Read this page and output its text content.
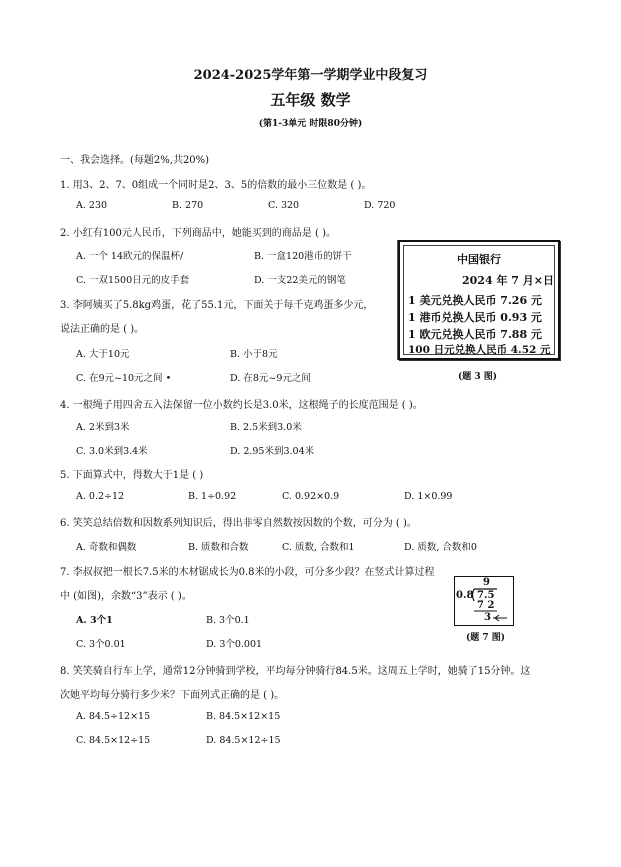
2024-2025学年第一学期学业中段复习
五年级 数学
(第1-3单元 时限80分钟)
一、我会选择。(每题2%,共20%)
1. 用3、2、7、0组成一个同时是2、3、5的倍数的最小三位数是 ( )。
A. 230	B. 270	C. 320	D. 720
2. 小红有100元人民币，下列商品中，她能买到的商品是 ( )。
A. 一个 14欧元的保温杯/	B. 一盒120港币的饼干
C. 一双1500日元的皮手套	D. 一支22美元的钢笔
3. 李阿姨买了5.8kg鸡蛋，花了55.1元，下面关于每千克鸡蛋多少元，
说法正确的是 ( )。
A. 大于10元	B. 小于8元
C. 在9元~10元之间 •	D. 在8元~9元之间
中国银行
2024 年 7 月×日
1 美元兑换人民币 7.26 元
1 港币兑换人民币 0.93 元
1 欧元兑换人民币 7.88 元
100 日元兑换人民币 4.52 元
(题 3 图)
4. 一根绳子用四舍五入法保留一位小数约长是3.0米，这根绳子的长度范围是 ( )。
A. 2米到3米	B. 2.5米到3.0米
C. 3.0米到3.4米	D. 2.95米到3.04米
5. 下面算式中，得数大于1是 ( )
A. 0.2÷12	B. 1÷0.92	C. 0.92×0.9	D. 1×0.99
6. 笑笑总结倍数和因数系列知识后，得出非零自然数按因数的个数，可分为 ( )。
A. 奇数和偶数	B. 质数和合数	C. 质数, 合数和1	D. 质数, 合数和0
7. 李叔叔把一根长7.5米的木材锯成长为0.8米的小段，可分多少段？在竖式计算过程
中 (如图)，余数“3”表示 ( )。
A. 3个1	B. 3个0.1
C. 3个0.01	D. 3个0.001
9
0.8 7.5
7 2
3
(题 7 图)
8. 笑笑骑自行车上学，通常12分钟骑到学校，平均每分钟骑行84.5米。这周五上学时，她骑了15分钟。这
次她平均每分骑行多少米？下面列式正确的是 ( )。
A. 84.5÷12×15	B. 84.5×12×15
C. 84.5×12÷15	D. 84.5×12÷15
